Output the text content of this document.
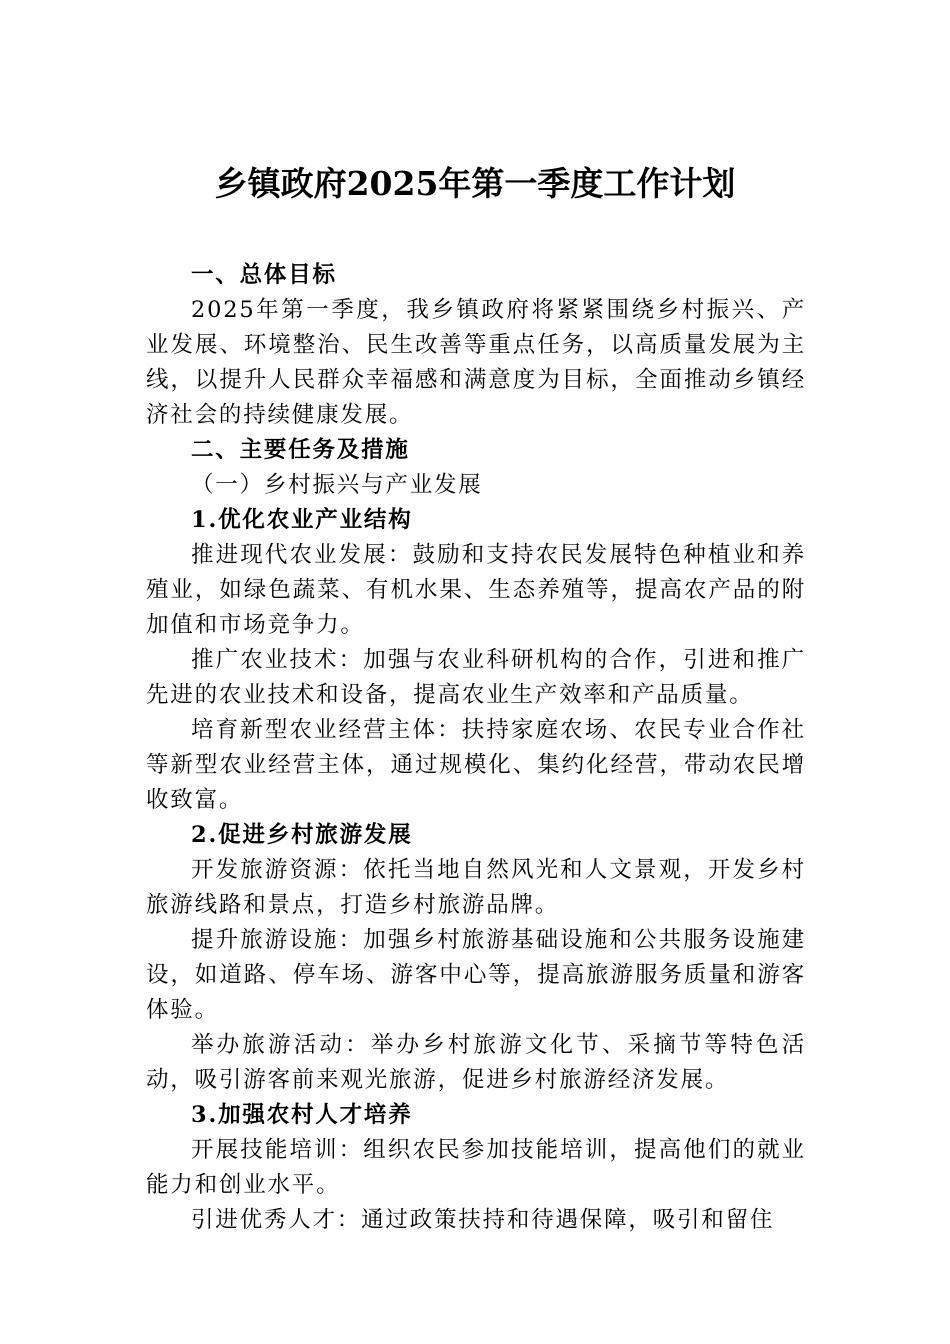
乡镇政府2025年第一季度工作计划

一、总体目标

2025年第一季度，我乡镇政府将紧紧围绕乡村振兴、产业发展、环境整治、民生改善等重点任务，以高质量发展为主线，以提升人民群众幸福感和满意度为目标，全面推动乡镇经济社会的持续健康发展。

二、主要任务及措施

（一）乡村振兴与产业发展

1.优化农业产业结构

推进现代农业发展：鼓励和支持农民发展特色种植业和养殖业，如绿色蔬菜、有机水果、生态养殖等，提高农产品的附加值和市场竞争力。

推广农业技术：加强与农业科研机构的合作，引进和推广先进的农业技术和设备，提高农业生产效率和产品质量。

培育新型农业经营主体：扶持家庭农场、农民专业合作社等新型农业经营主体，通过规模化、集约化经营，带动农民增收致富。

2.促进乡村旅游发展

开发旅游资源：依托当地自然风光和人文景观，开发乡村旅游线路和景点，打造乡村旅游品牌。

提升旅游设施：加强乡村旅游基础设施和公共服务设施建设，如道路、停车场、游客中心等，提高旅游服务质量和游客体验。

举办旅游活动：举办乡村旅游文化节、采摘节等特色活动，吸引游客前来观光旅游，促进乡村旅游经济发展。

3.加强农村人才培养

开展技能培训：组织农民参加技能培训，提高他们的就业能力和创业水平。

引进优秀人才：通过政策扶持和待遇保障，吸引和留住
